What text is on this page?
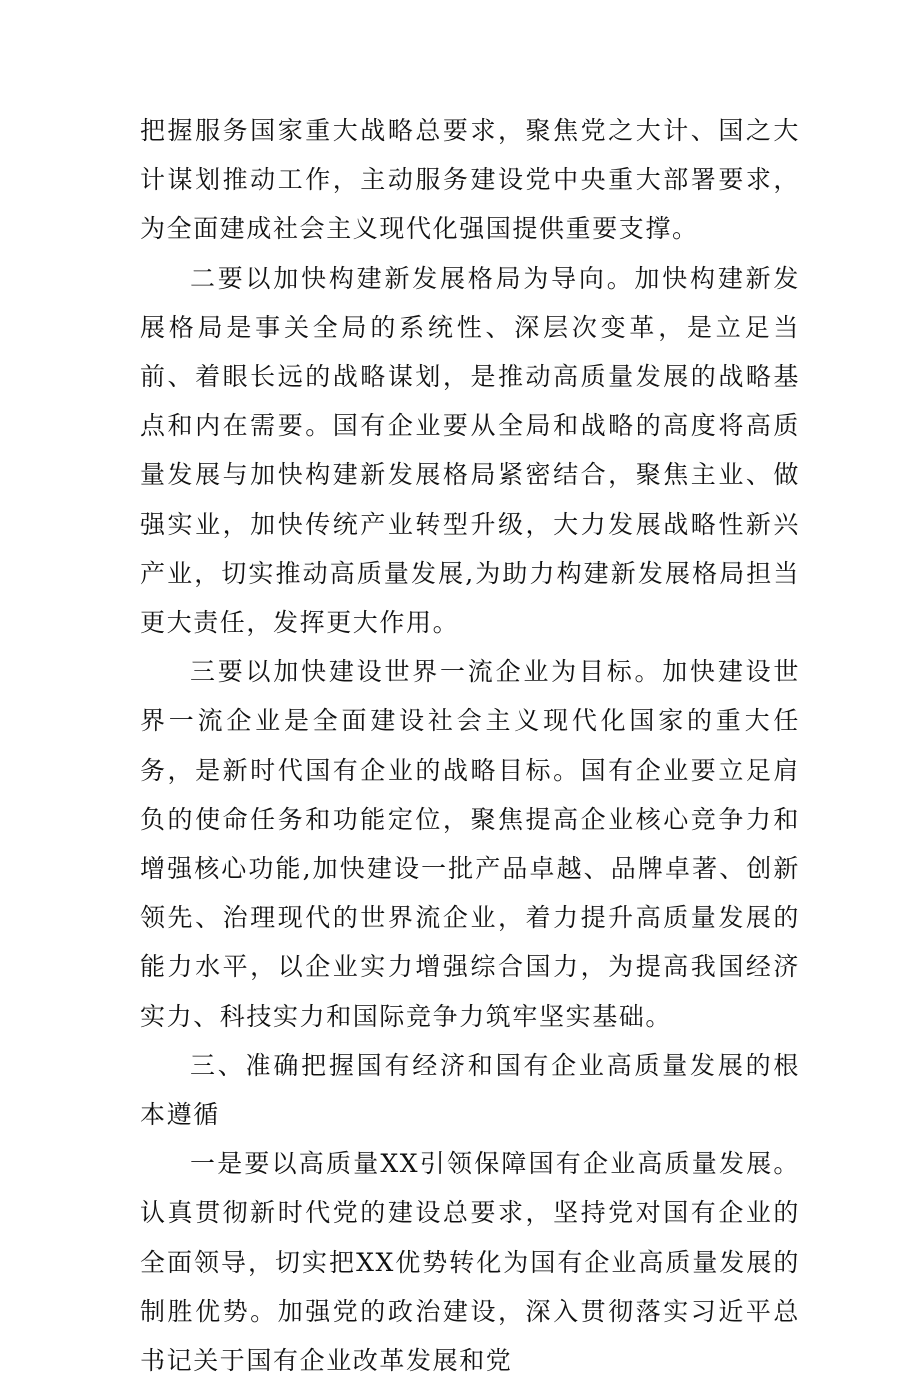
把握服务国家重大战略总要求，聚焦党之大计、国之大计谋划推动工作，主动服务建设党中央重大部署要求，为全面建成社会主义现代化强国提供重要支撑。

二要以加快构建新发展格局为导向。加快构建新发展格局是事关全局的系统性、深层次变革，是立足当前、着眼长远的战略谋划，是推动高质量发展的战略基点和内在需要。国有企业要从全局和战略的高度将高质量发展与加快构建新发展格局紧密结合，聚焦主业、做强实业，加快传统产业转型升级，大力发展战略性新兴产业，切实推动高质量发展,为助力构建新发展格局担当更大责任，发挥更大作用。

三要以加快建设世界一流企业为目标。加快建设世界一流企业是全面建设社会主义现代化国家的重大任务，是新时代国有企业的战略目标。国有企业要立足肩负的使命任务和功能定位，聚焦提高企业核心竞争力和增强核心功能,加快建设一批产品卓越、品牌卓著、创新领先、治理现代的世界流企业，着力提升高质量发展的能力水平，以企业实力增强综合国力，为提高我国经济实力、科技实力和国际竞争力筑牢坚实基础。

三、准确把握国有经济和国有企业高质量发展的根本遵循

一是要以高质量XX引领保障国有企业高质量发展。认真贯彻新时代党的建设总要求，坚持党对国有企业的全面领导，切实把XX优势转化为国有企业高质量发展的制胜优势。加强党的政治建设，深入贯彻落实习近平总书记关于国有企业改革发展和党
